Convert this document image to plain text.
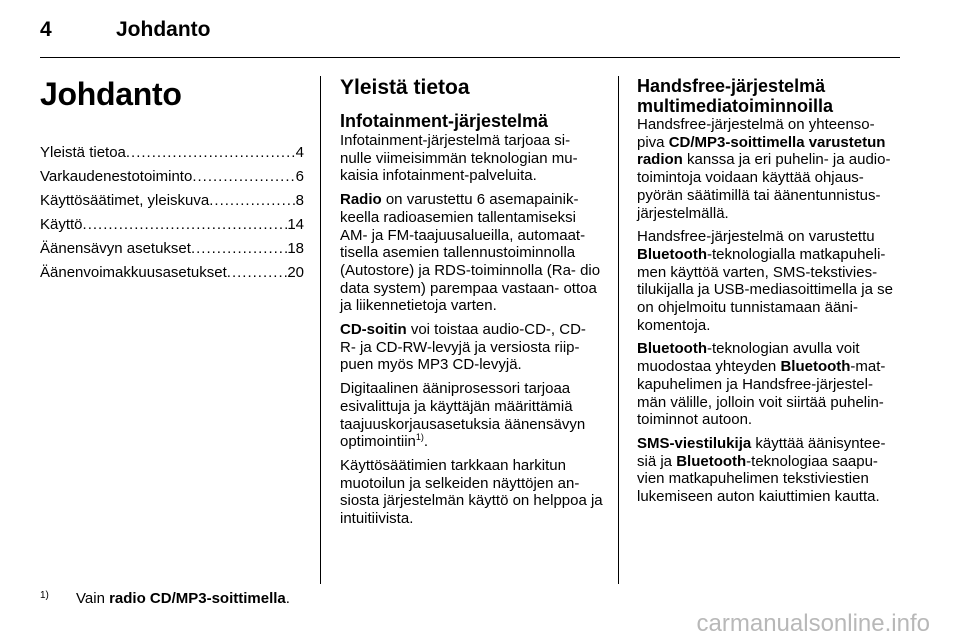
4	Johdanto
Johdanto
Yleistä tietoa .....	4
Varkaudenestotoiminto .....	6
Käyttösäätimet, yleiskuva .....	8
Käyttö .....	14
Äänensävyn asetukset .....	18
Äänenvoimakkuusasetukset .....	20
Yleistä tietoa
Infotainment-järjestelmä

Infotainment-järjestelmä tarjoaa si- nulle viimeisimmän teknologian mu- kaisia infotainment-palveluita.

Radio on varustettu 6 asemapainik- keella radioasemien tallentamiseksi AM- ja FM-taajuusalueilla, automaat- tisella asemien tallennustoiminnolla (Autostore) ja RDS-toiminnolla (Ra- dio data system) parempaa vastaan- ottoa ja liikennetietoja varten.

CD-soitin voi toistaa audio-CD-, CD- R- ja CD-RW-levyjä ja versiosta riip- puen myös MP3 CD-levyjä.

Digitaalinen ääniprosessori tarjoaa esivalittuja ja käyttäjän määrittämiä taajuuskorjausasetuksia äänensävyn optimointiin$^{1)}$.

Käyttösäätimien tarkkaan harkitun muotoilun ja selkeiden näyttöjen an- siosta järjestelmän käyttö on helppoa ja intuitiivista.

Handsfree-järjestelmä multimediatoiminnoilla

Handsfree-järjestelmä on yhteenso- piva CD/MP3-soittimella varustetun radion kanssa ja eri puhelin- ja audio- toimintoja voidaan käyttää ohjaus- pyörän säätimillä tai äänentunnistus- järjestelmällä.

Handsfree-järjestelmä on varustettu Bluetooth-teknologialla matkapuheli- men käyttöä varten, SMS-tekstivies- tilukijalla ja USB-mediasoittimella ja se on ohjelmoitu tunnistamaan ääni- komentoja.

Bluetooth-teknologian avulla voit muodostaa yhteyden Bluetooth-mat- kapuhelimen ja Handsfree-järjestel- män välille, jolloin voit siirtää puhelin- toiminnot autoon.

SMS-viestilukija käyttää äänisyntee- siä ja Bluetooth-teknologiaa saapu- vien matkapuhelimen tekstiviestien lukemiseen auton kaiuttimien kautta.

1) Vain radio CD/MP3-soittimella.
carmanualsonline.info
